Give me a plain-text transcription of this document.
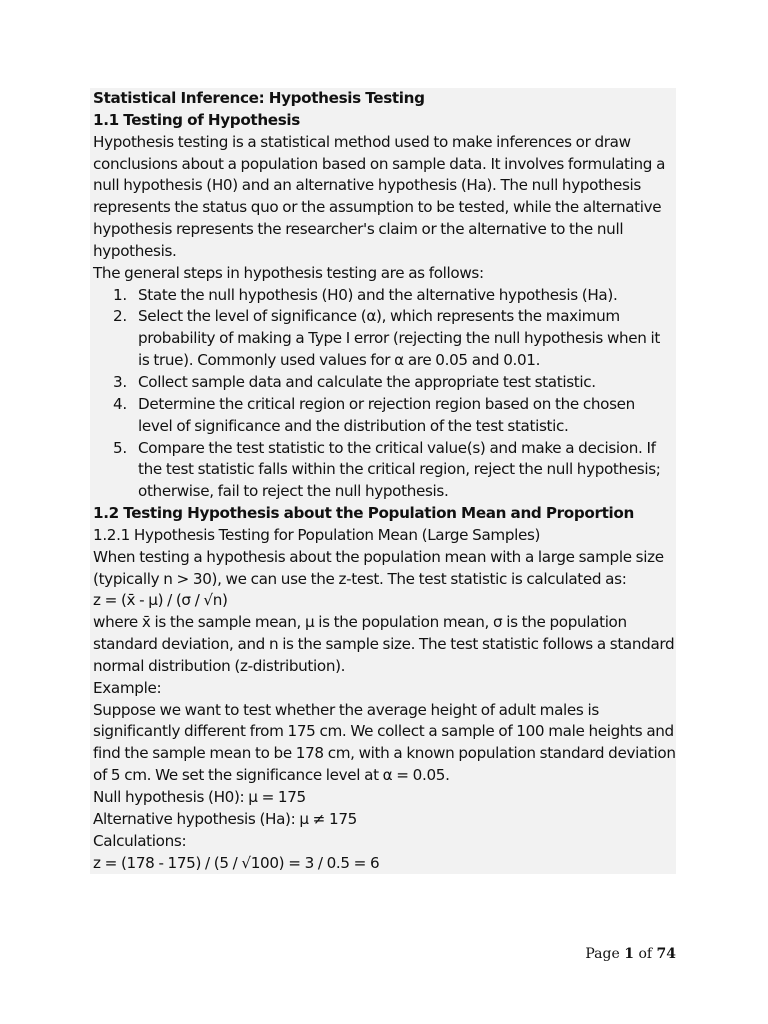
Statistical Inference: Hypothesis Testing

1.1 Testing of Hypothesis

Hypothesis testing is a statistical method used to make inferences or draw conclusions about a population based on sample data. It involves formulating a null hypothesis (H0) and an alternative hypothesis (Ha). The null hypothesis represents the status quo or the assumption to be tested, while the alternative hypothesis represents the researcher's claim or the alternative to the null hypothesis.

The general steps in hypothesis testing are as follows:

1. State the null hypothesis (H0) and the alternative hypothesis (Ha).
2. Select the level of significance (α), which represents the maximum probability of making a Type I error (rejecting the null hypothesis when it is true). Commonly used values for α are 0.05 and 0.01.
3. Collect sample data and calculate the appropriate test statistic.
4. Determine the critical region or rejection region based on the chosen level of significance and the distribution of the test statistic.
5. Compare the test statistic to the critical value(s) and make a decision. If the test statistic falls within the critical region, reject the null hypothesis; otherwise, fail to reject the null hypothesis.

1.2 Testing Hypothesis about the Population Mean and Proportion

1.2.1 Hypothesis Testing for Population Mean (Large Samples)

When testing a hypothesis about the population mean with a large sample size (typically n > 30), we can use the z-test. The test statistic is calculated as:

z = (x̄ - μ) / (σ / √n)

where x̄ is the sample mean, μ is the population mean, σ is the population standard deviation, and n is the sample size. The test statistic follows a standard normal distribution (z-distribution).

Example:

Suppose we want to test whether the average height of adult males is significantly different from 175 cm. We collect a sample of 100 male heights and find the sample mean to be 178 cm, with a known population standard deviation of 5 cm. We set the significance level at α = 0.05.

Null hypothesis (H0): μ = 175

Alternative hypothesis (Ha): μ ≠ 175

Calculations:

z = (178 - 175) / (5 / √100) = 3 / 0.5 = 6

Page 1 of 74
